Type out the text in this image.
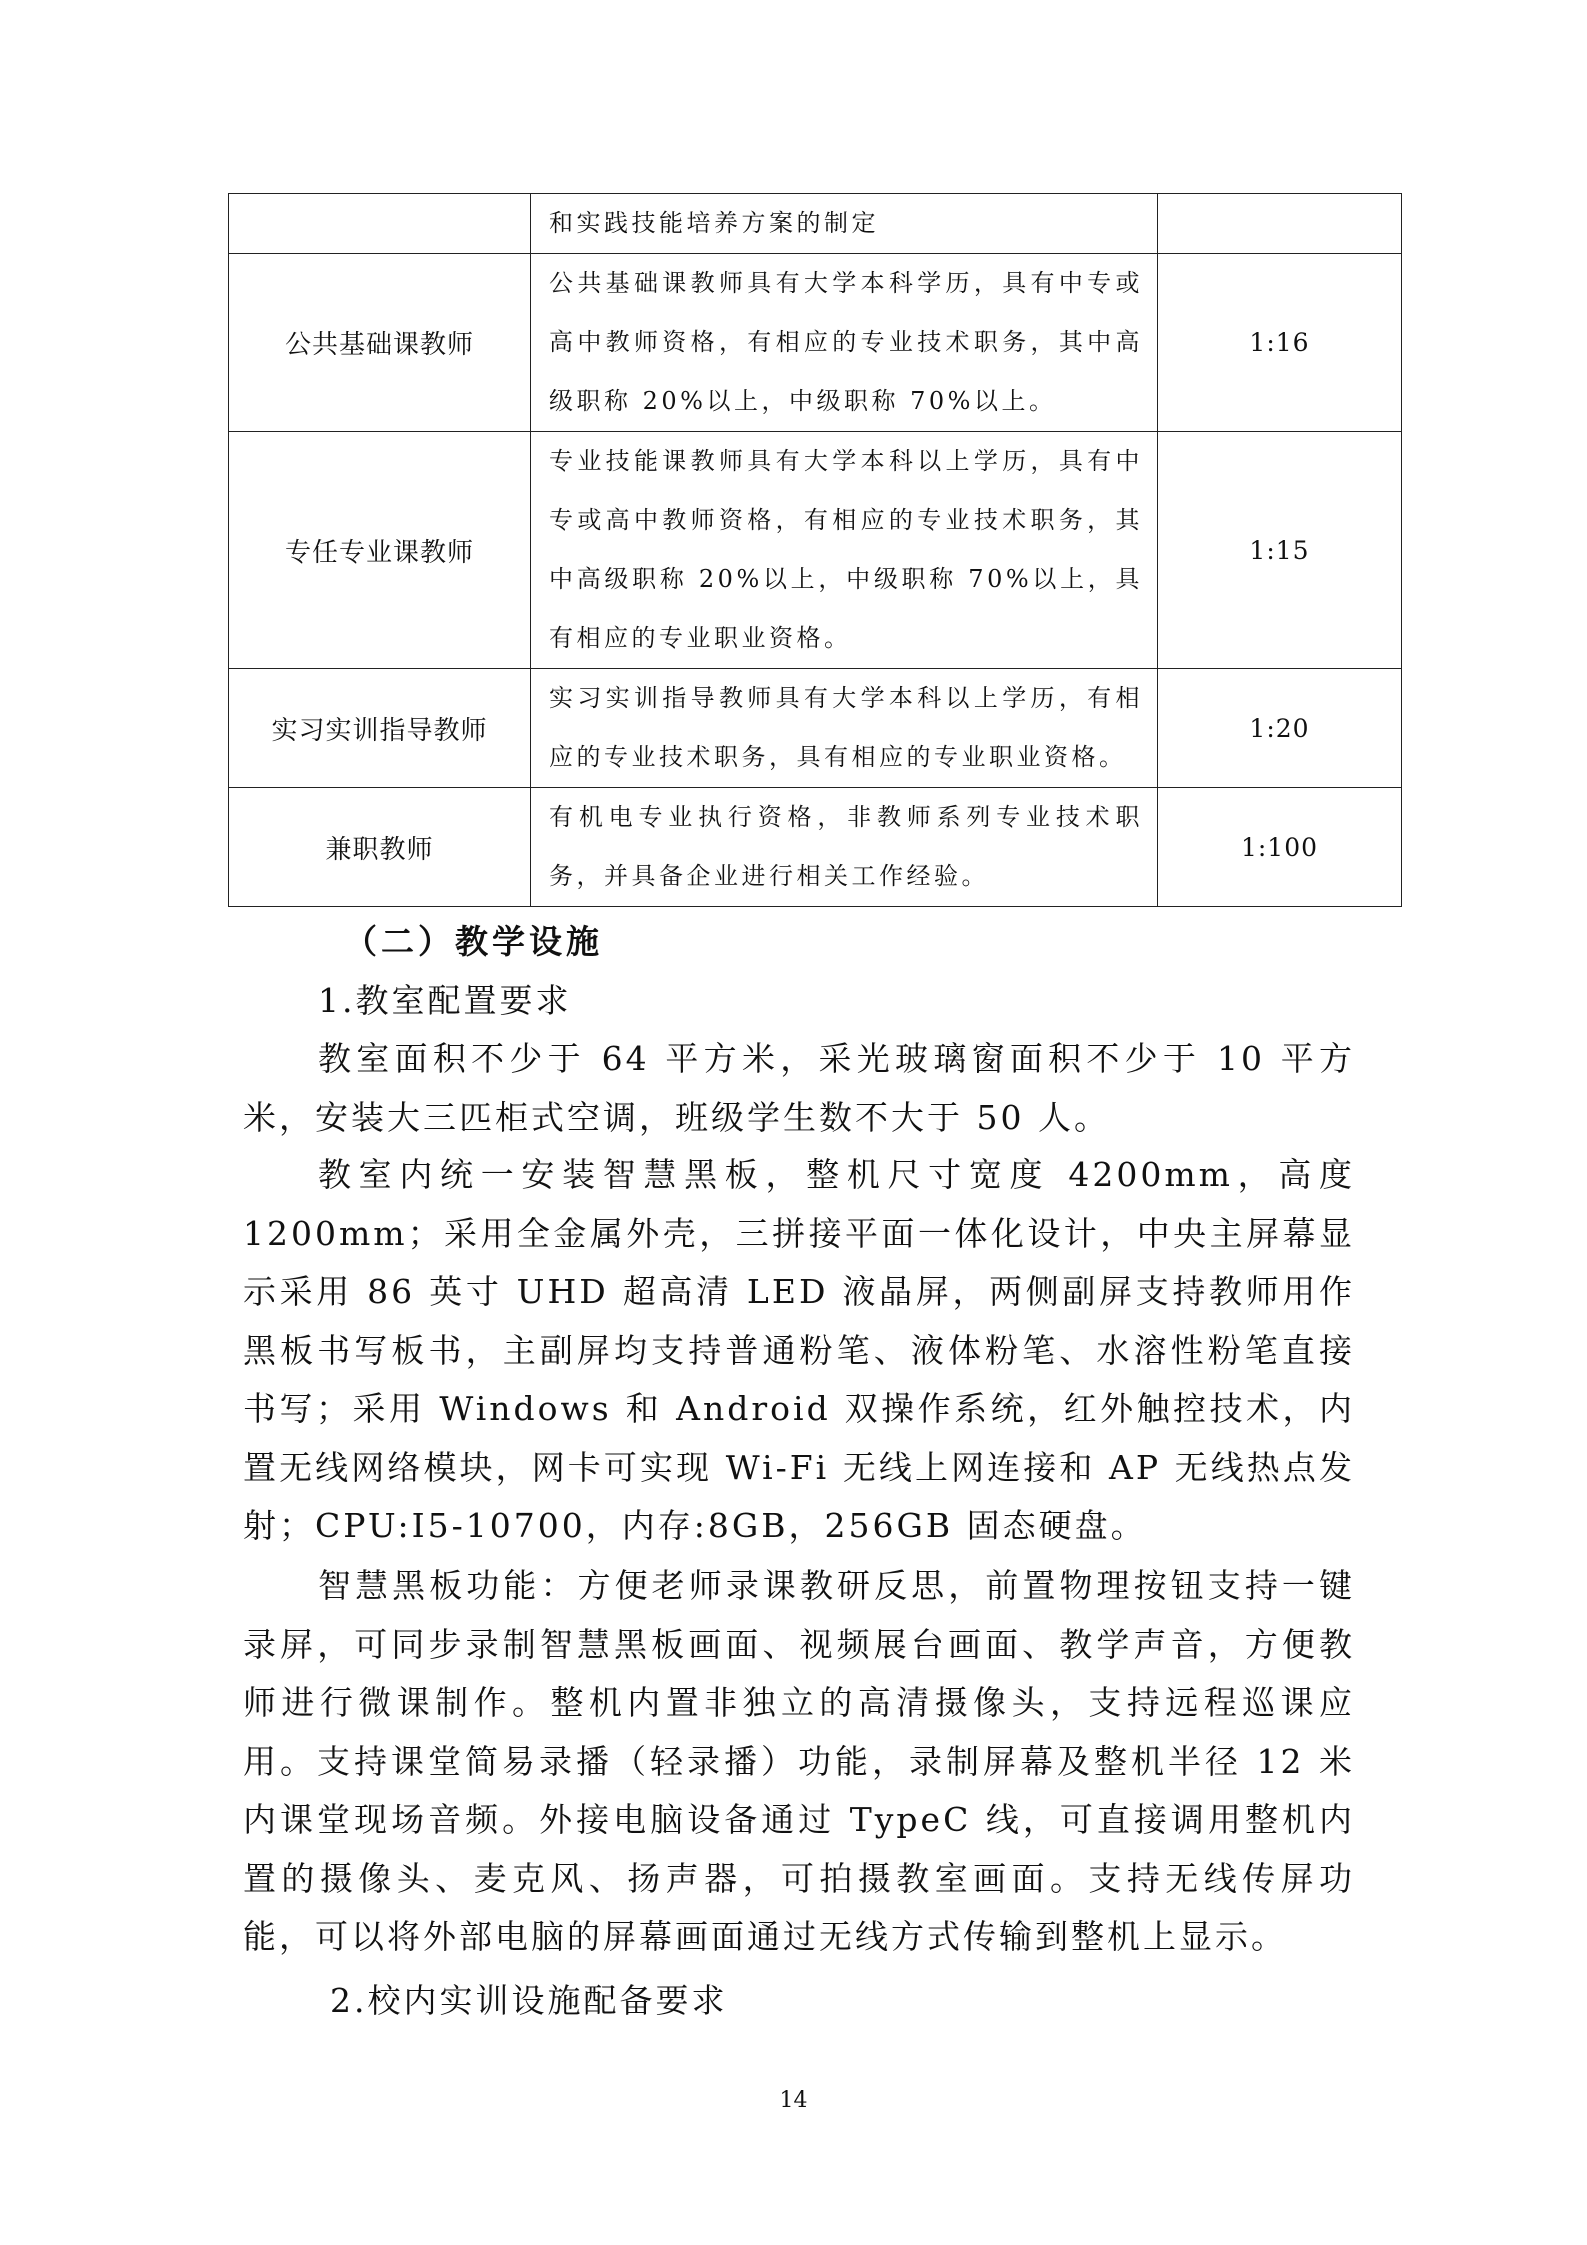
	和实践技能培养方案的制定	
公共基础课教师	公共基础课教师具有大学本科学历，具有中专或高中教师资格，有相应的专业技术职务，其中高级职称 20%以上，中级职称 70%以上。	1:16
专任专业课教师	专业技能课教师具有大学本科以上学历，具有中专或高中教师资格，有相应的专业技术职务，其中高级职称 20%以上，中级职称 70%以上，具有相应的专业职业资格。	1:15
实习实训指导教师	实习实训指导教师具有大学本科以上学历，有相应的专业技术职务，具有相应的专业职业资格。	1:20
兼职教师	有机电专业执行资格，非教师系列专业技术职务，并具备企业进行相关工作经验。	1:100
（二）教学设施

1.教室配置要求

教室面积不少于 64 平方米，采光玻璃窗面积不少于 10 平方米，安装大三匹柜式空调，班级学生数不大于 50 人。

教室内统一安装智慧黑板，整机尺寸宽度 4200mm，高度 1200mm；采用全金属外壳，三拼接平面一体化设计，中央主屏幕显示采用 86 英寸 UHD 超高清 LED 液晶屏，两侧副屏支持教师用作黑板书写板书，主副屏均支持普通粉笔、液体粉笔、水溶性粉笔直接书写；采用 Windows 和 Android 双操作系统，红外触控技术，内置无线网络模块，网卡可实现 Wi-Fi 无线上网连接和 AP 无线热点发射；CPU:I5-10700，内存:8GB，256GB 固态硬盘。

智慧黑板功能：方便老师录课教研反思，前置物理按钮支持一键录屏，可同步录制智慧黑板画面、视频展台画面、教学声音，方便教师进行微课制作。整机内置非独立的高清摄像头，支持远程巡课应用。支持课堂简易录播（轻录播）功能，录制屏幕及整机半径 12 米内课堂现场音频。外接电脑设备通过 TypeC 线，可直接调用整机内置的摄像头、麦克风、扬声器，可拍摄教室画面。支持无线传屏功能，可以将外部电脑的屏幕画面通过无线方式传输到整机上显示。

2.校内实训设施配备要求

14
